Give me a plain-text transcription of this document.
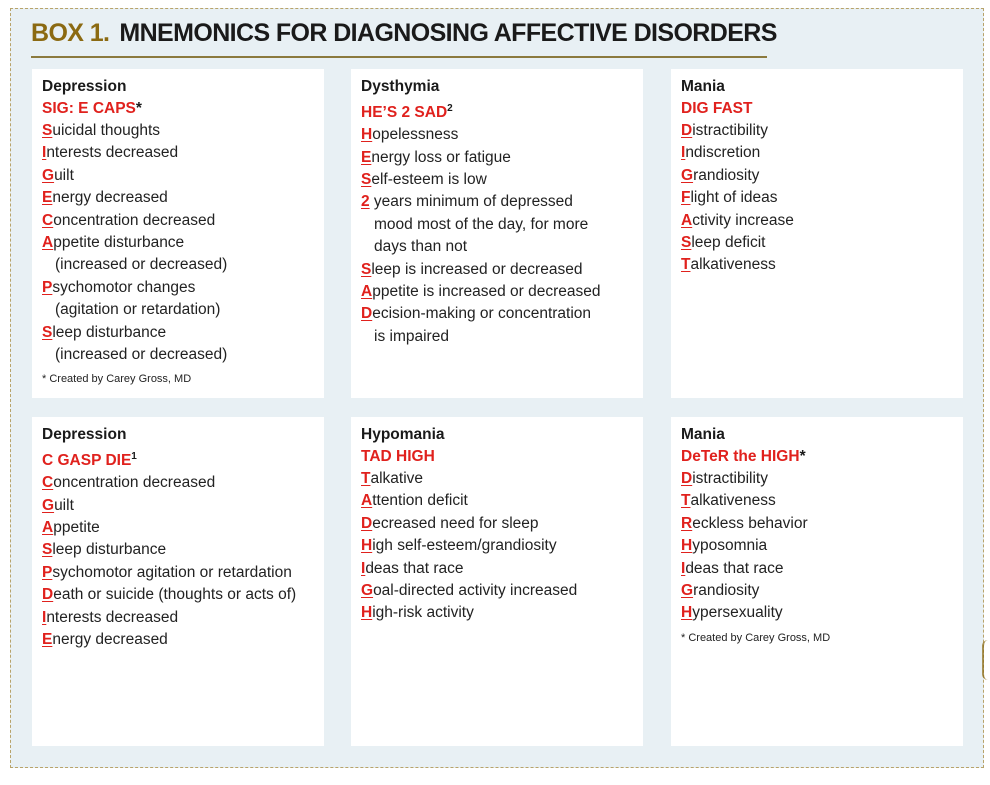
BOX 1. MNEMONICS FOR DIAGNOSING AFFECTIVE DISORDERS
Depression
SIG: E CAPS*
Suicidal thoughts
Interests decreased
Guilt
Energy decreased
Concentration decreased
Appetite disturbance
(increased or decreased)
Psychomotor changes
(agitation or retardation)
Sleep disturbance
(increased or decreased)
* Created by Carey Gross, MD
Dysthymia
HE’S 2 SAD$^2$
Hopelessness
Energy loss or fatigue
Self-esteem is low
2 years minimum of depressed
mood most of the day, for more
days than not
Sleep is increased or decreased
Appetite is increased or decreased
Decision-making or concentration
is impaired
Mania
DIG FAST
Distractibility
Indiscretion
Grandiosity
Flight of ideas
Activity increase
Sleep deficit
Talkativeness
Depression
C GASP DIE$^1$
Concentration decreased
Guilt
Appetite
Sleep disturbance
Psychomotor agitation or retardation
Death or suicide (thoughts or acts of)
Interests decreased
Energy decreased
Hypomania
TAD HIGH
Talkative
Attention deficit
Decreased need for sleep
High self-esteem/grandiosity
Ideas that race
Goal-directed activity increased
High-risk activity
Mania
DeTeR the HIGH*
Distractibility
Talkativeness
Reckless behavior
Hyposomnia
Ideas that race
Grandiosity
Hypersexuality
* Created by Carey Gross, MD
